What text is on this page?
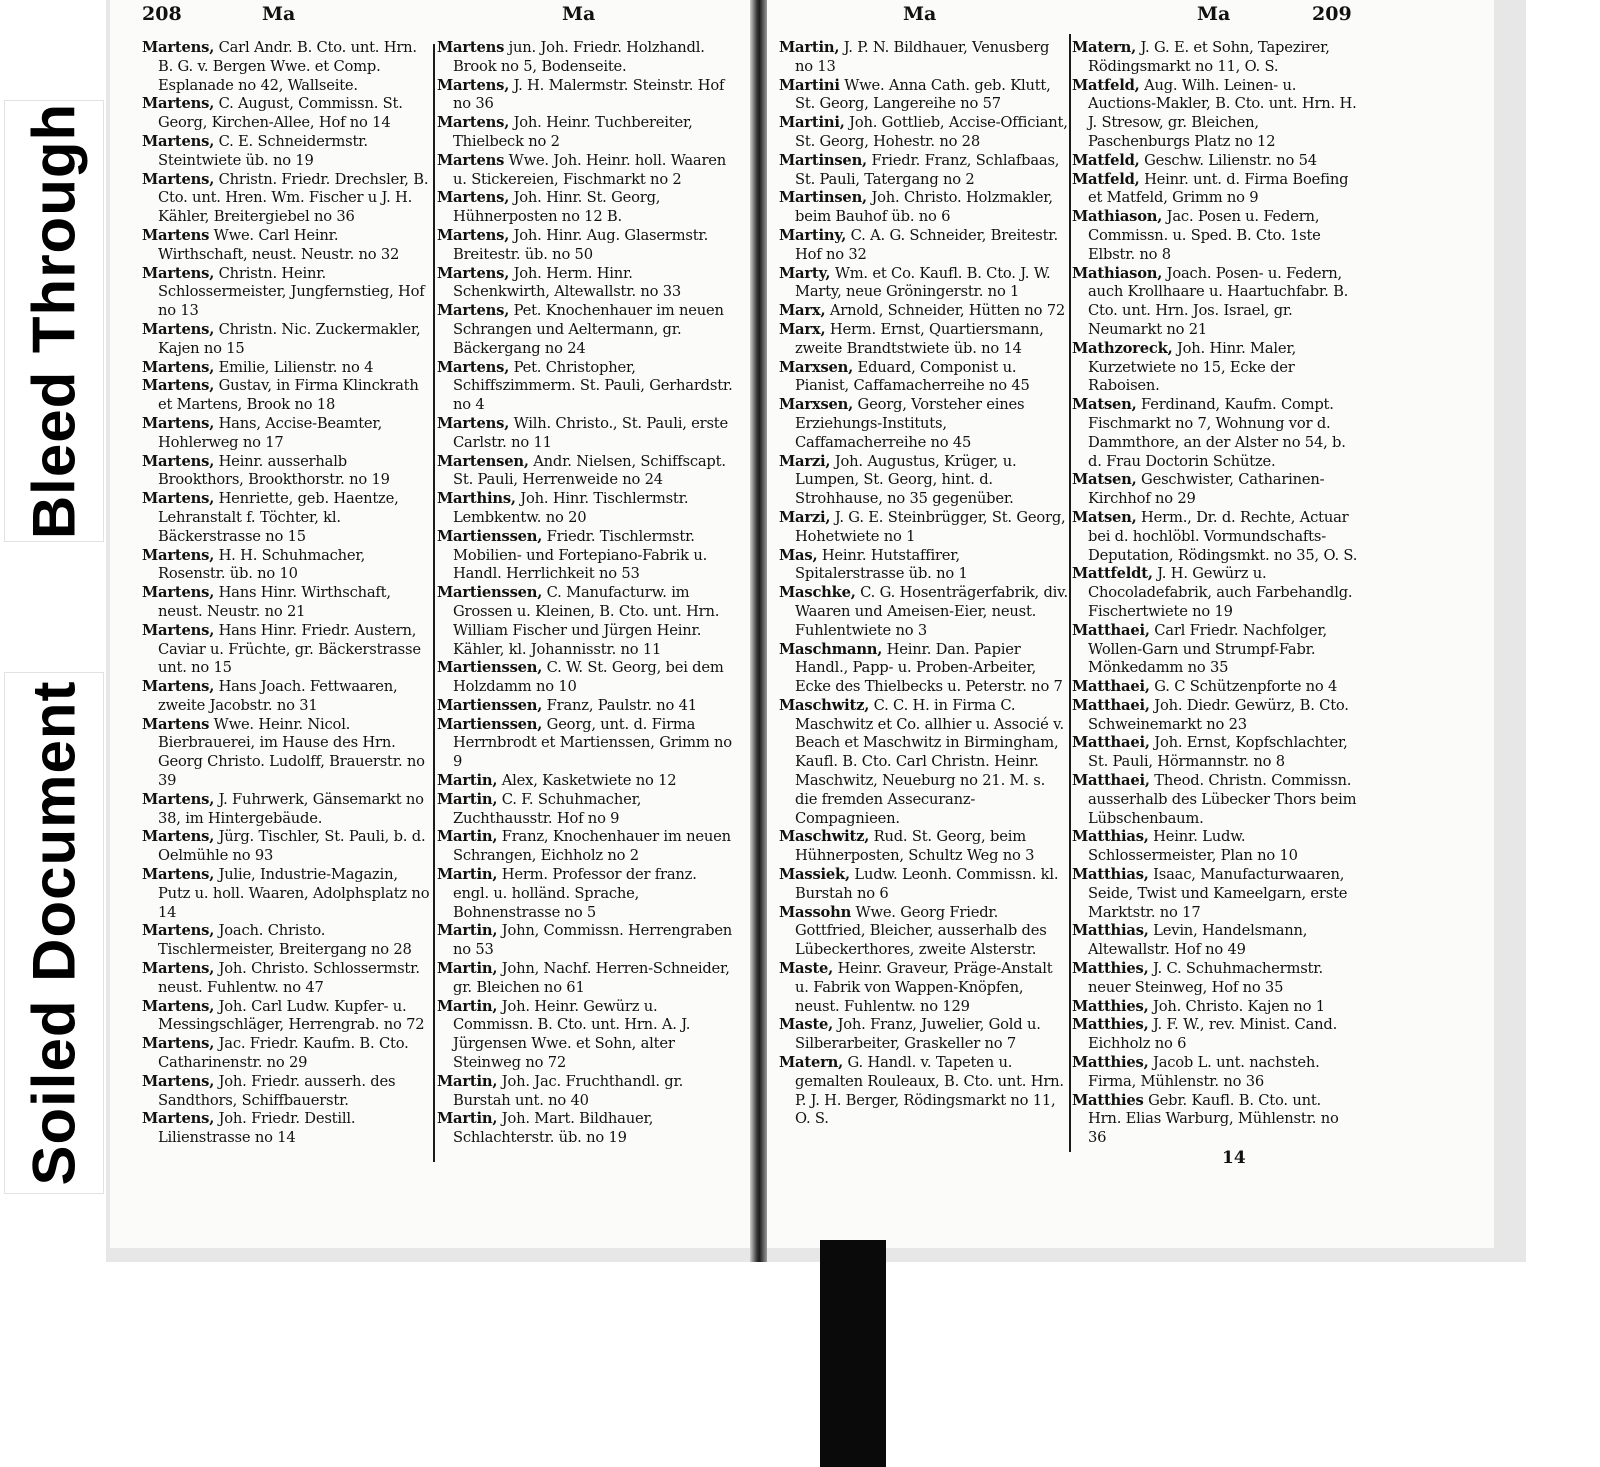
Bleed Through
Soiled Document
208	Ma	Ma
Martens, Carl Andr. B. Cto. unt. Hrn. B. G. v. Bergen Wwe. et Comp. Esplanade no 42, Wallseite.
Martens, C. August, Commissn. St. Georg, Kirchen-Allee, Hof no 14
Martens, C. E. Schneidermstr. Steintwiete üb. no 19
Martens, Christn. Friedr. Drechsler, B. Cto. unt. Hren. Wm. Fischer u J. H. Kähler, Breitergiebel no 36
Martens Wwe. Carl Heinr. Wirthschaft, neust. Neustr. no 32
Martens, Christn. Heinr. Schlossermeister, Jungfernstieg, Hof no 13
Martens, Christn. Nic. Zuckermakler, Kajen no 15
Martens, Emilie, Lilienstr. no 4
Martens, Gustav, in Firma Klinckrath et Martens, Brook no 18
Martens, Hans, Accise-Beamter, Hohlerweg no 17
Martens, Heinr. ausserhalb Brookthors, Brookthorstr. no 19
Martens, Henriette, geb. Haentze, Lehranstalt f. Töchter, kl. Bäckerstrasse no 15
Martens, H. H. Schuhmacher, Rosenstr. üb. no 10
Martens, Hans Hinr. Wirthschaft, neust. Neustr. no 21
Martens, Hans Hinr. Friedr. Austern, Caviar u. Früchte, gr. Bäckerstrasse unt. no 15
Martens, Hans Joach. Fettwaaren, zweite Jacobstr. no 31
Martens Wwe. Heinr. Nicol. Bierbrauerei, im Hause des Hrn. Georg Christo. Ludolff, Brauerstr. no 39
Martens, J. Fuhrwerk, Gänsemarkt no 38, im Hintergebäude.
Martens, Jürg. Tischler, St. Pauli, b. d. Oelmühle no 93
Martens, Julie, Industrie-Magazin, Putz u. holl. Waaren, Adolphsplatz no 14
Martens, Joach. Christo. Tischlermeister, Breitergang no 28
Martens, Joh. Christo. Schlossermstr. neust. Fuhlentw. no 47
Martens, Joh. Carl Ludw. Kupfer- u. Messingschläger, Herrengrab. no 72
Martens, Jac. Friedr. Kaufm. B. Cto. Catharinenstr. no 29
Martens, Joh. Friedr. ausserh. des Sandthors, Schiffbauerstr.
Martens, Joh. Friedr. Destill. Lilienstrasse no 14
Martens jun. Joh. Friedr. Holzhandl. Brook no 5, Bodenseite.
Martens, J. H. Malermstr. Steinstr. Hof no 36
Martens, Joh. Heinr. Tuchbereiter, Thielbeck no 2
Martens Wwe. Joh. Heinr. holl. Waaren u. Stickereien, Fischmarkt no 2
Martens, Joh. Hinr. St. Georg, Hühnerposten no 12 B.
Martens, Joh. Hinr. Aug. Glasermstr. Breitestr. üb. no 50
Martens, Joh. Herm. Hinr. Schenkwirth, Altewallstr. no 33
Martens, Pet. Knochenhauer im neuen Schrangen und Aeltermann, gr. Bäckergang no 24
Martens, Pet. Christopher, Schiffszimmerm. St. Pauli, Gerhardstr. no 4
Martens, Wilh. Christo., St. Pauli, erste Carlstr. no 11
Martensen, Andr. Nielsen, Schiffscapt. St. Pauli, Herrenweide no 24
Marthins, Joh. Hinr. Tischlermstr. Lembkentw. no 20
Martienssen, Friedr. Tischlermstr. Mobilien- und Fortepiano-Fabrik u. Handl. Herrlichkeit no 53
Martienssen, C. Manufacturw. im Grossen u. Kleinen, B. Cto. unt. Hrn. William Fischer und Jürgen Heinr. Kähler, kl. Johannisstr. no 11
Martienssen, C. W. St. Georg, bei dem Holzdamm no 10
Martienssen, Franz, Paulstr. no 41
Martienssen, Georg, unt. d. Firma Herrnbrodt et Martienssen, Grimm no 9
Martin, Alex, Kasketwiete no 12
Martin, C. F. Schuhmacher, Zuchthausstr. Hof no 9
Martin, Franz, Knochenhauer im neuen Schrangen, Eichholz no 2
Martin, Herm. Professor der franz. engl. u. holländ. Sprache, Bohnenstrasse no 5
Martin, John, Commissn. Herrengraben no 53
Martin, John, Nachf. Herren-Schneider, gr. Bleichen no 61
Martin, Joh. Heinr. Gewürz u. Commissn. B. Cto. unt. Hrn. A. J. Jürgensen Wwe. et Sohn, alter Steinweg no 72
Martin, Joh. Jac. Fruchthandl. gr. Burstah unt. no 40
Martin, Joh. Mart. Bildhauer, Schlachterstr. üb. no 19
Ma	Ma	209
Martin, J. P. N. Bildhauer, Venusberg no 13
Martini Wwe. Anna Cath. geb. Klutt, St. Georg, Langereihe no 57
Martini, Joh. Gottlieb, Accise-Officiant, St. Georg, Hohestr. no 28
Martinsen, Friedr. Franz, Schlafbaas, St. Pauli, Tatergang no 2
Martinsen, Joh. Christo. Holzmakler, beim Bauhof üb. no 6
Martiny, C. A. G. Schneider, Breitestr. Hof no 32
Marty, Wm. et Co. Kaufl. B. Cto. J. W. Marty, neue Gröningerstr. no 1
Marx, Arnold, Schneider, Hütten no 72
Marx, Herm. Ernst, Quartiersmann, zweite Brandtstwiete üb. no 14
Marxsen, Eduard, Componist u. Pianist, Caffamacherreihe no 45
Marxsen, Georg, Vorsteher eines Erziehungs-Instituts, Caffamacherreihe no 45
Marzi, Joh. Augustus, Krüger, u. Lumpen, St. Georg, hint. d. Strohhause, no 35 gegenüber.
Marzi, J. G. E. Steinbrügger, St. Georg, Hohetwiete no 1
Mas, Heinr. Hutstaffirer, Spitalerstrasse üb. no 1
Maschke, C. G. Hosenträgerfabrik, div. Waaren und Ameisen-Eier, neust. Fuhlentwiete no 3
Maschmann, Heinr. Dan. Papier Handl., Papp- u. Proben-Arbeiter, Ecke des Thielbecks u. Peterstr. no 7
Maschwitz, C. C. H. in Firma C. Maschwitz et Co. allhier u. Associé v. Beach et Maschwitz in Birmingham, Kaufl. B. Cto. Carl Christn. Heinr. Maschwitz, Neueburg no 21. M. s. die fremden Assecuranz-Compagnieen.
Maschwitz, Rud. St. Georg, beim Hühnerposten, Schultz Weg no 3
Massiek, Ludw. Leonh. Commissn. kl. Burstah no 6
Massohn Wwe. Georg Friedr. Gottfried, Bleicher, ausserhalb des Lübeckerthores, zweite Alsterstr.
Maste, Heinr. Graveur, Präge-Anstalt u. Fabrik von Wappen-Knöpfen, neust. Fuhlentw. no 129
Maste, Joh. Franz, Juwelier, Gold u. Silberarbeiter, Graskeller no 7
Matern, G. Handl. v. Tapeten u. gemalten Rouleaux, B. Cto. unt. Hrn. P. J. H. Berger, Rödingsmarkt no 11, O. S.
Matern, J. G. E. et Sohn, Tapezirer, Rödingsmarkt no 11, O. S.
Matfeld, Aug. Wilh. Leinen- u. Auctions-Makler, B. Cto. unt. Hrn. H. J. Stresow, gr. Bleichen, Paschenburgs Platz no 12
Matfeld, Geschw. Lilienstr. no 54
Matfeld, Heinr. unt. d. Firma Boefing et Matfeld, Grimm no 9
Mathiason, Jac. Posen u. Federn, Commissn. u. Sped. B. Cto. 1ste Elbstr. no 8
Mathiason, Joach. Posen- u. Federn, auch Krollhaare u. Haartuchfabr. B. Cto. unt. Hrn. Jos. Israel, gr. Neumarkt no 21
Mathzoreck, Joh. Hinr. Maler, Kurzetwiete no 15, Ecke der Raboisen.
Matsen, Ferdinand, Kaufm. Compt. Fischmarkt no 7, Wohnung vor d. Dammthore, an der Alster no 54, b. d. Frau Doctorin Schütze.
Matsen, Geschwister, Catharinen-Kirchhof no 29
Matsen, Herm., Dr. d. Rechte, Actuar bei d. hochlöbl. Vormundschafts-Deputation, Rödingsmkt. no 35, O. S.
Mattfeldt, J. H. Gewürz u. Chocoladefabrik, auch Farbehandlg. Fischertwiete no 19
Matthaei, Carl Friedr. Nachfolger, Wollen-Garn und Strumpf-Fabr. Mönkedamm no 35
Matthaei, G. C Schützenpforte no 4
Matthaei, Joh. Diedr. Gewürz, B. Cto. Schweinemarkt no 23
Matthaei, Joh. Ernst, Kopfschlachter, St. Pauli, Hörmannstr. no 8
Matthaei, Theod. Christn. Commissn. ausserhalb des Lübecker Thors beim Lübschenbaum.
Matthias, Heinr. Ludw. Schlossermeister, Plan no 10
Matthias, Isaac, Manufacturwaaren, Seide, Twist und Kameelgarn, erste Marktstr. no 17
Matthias, Levin, Handelsmann, Altewallstr. Hof no 49
Matthies, J. C. Schuhmachermstr. neuer Steinweg, Hof no 35
Matthies, Joh. Christo. Kajen no 1
Matthies, J. F. W., rev. Minist. Cand. Eichholz no 6
Matthies, Jacob L. unt. nachsteh. Firma, Mühlenstr. no 36
Matthies Gebr. Kaufl. B. Cto. unt. Hrn. Elias Warburg, Mühlenstr. no 36
14
